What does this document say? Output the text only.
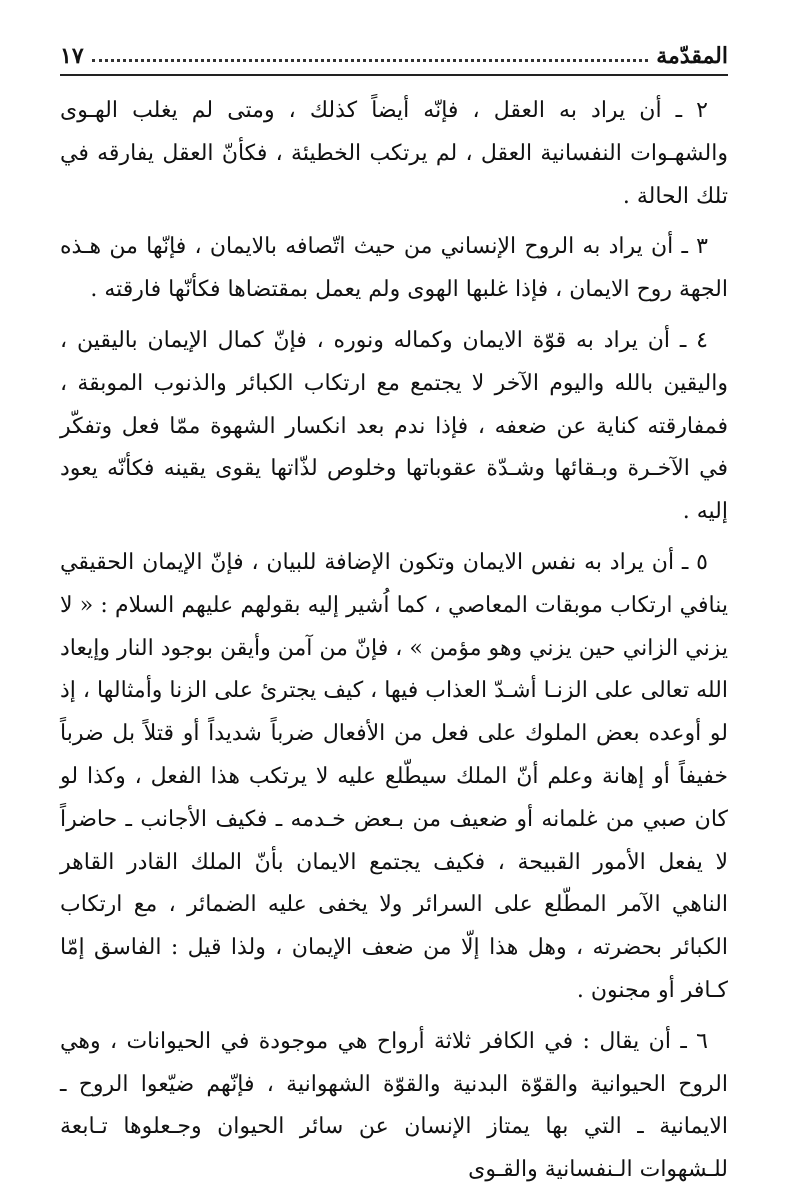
المقدّمة
١٧

٢ ـ أن يراد به العقل ، فإنّه أيضاً كذلك ، ومتى لم يغلب الهـوى والشهـوات النفسانية العقل ، لم يرتكب الخطيئة ، فكأنّ العقل يفارقه في تلك الحالة .

٣ ـ أن يراد به الروح الإنساني من حيث اتّصافه بالايمان ، فإنّها من هـذه الجهة روح الايمان ، فإذا غلبها الهوى ولم يعمل بمقتضاها فكأنّها فارقته .

٤ ـ أن يراد به قوّة الايمان وكماله ونوره ، فإنّ كمال الإيمان باليقين ، واليقين بالله واليوم الآخر لا يجتمع مع ارتكاب الكبائر والذنوب الموبقة ، فمفارقته كناية عن ضعفه ، فإذا ندم بعد انكسار الشهوة ممّا فعل وتفكّر في الآخـرة وبـقائها وشـدّة عقوباتها وخلوص لذّاتها يقوى يقينه فكأنّه يعود إليه .

٥ ـ أن يراد به نفس الايمان وتكون الإضافة للبيان ، فإنّ الإيمان الحقيقي ينافي ارتكاب موبقات المعاصي ، كما اُشير إليه بقولهم عليهم السلام : « لا يزني الزاني حين يزني وهو مؤمن » ، فإنّ من آمن وأيقن بوجود النار وإيعاد الله تعالى على الزنـا أشـدّ العذاب فيها ، كيف يجترئ على الزنا وأمثالها ، إذ لو أوعده بعض الملوك على فعل من الأفعال ضرباً شديداً أو قتلاً بل ضرباً خفيفاً أو إهانة وعلم أنّ الملك سيطّلع عليه لا يرتكب هذا الفعل ، وكذا لو كان صبي من غلمانه أو ضعيف من بـعض خـدمه ـ فكيف الأجانب ـ حاضراً لا يفعل الأمور القبيحة ، فكيف يجتمع الايمان بأنّ الملك القادر القاهر الناهي الآمر المطّلع على السرائر ولا يخفى عليه الضمائر ، مع ارتكاب الكبائر بحضرته ، وهل هذا إلّا من ضعف الإيمان ، ولذا قيل : الفاسق إمّا كـافر أو مجنون .

٦ ـ أن يقال : في الكافر ثلاثة أرواح هي موجودة في الحيوانات ، وهي الروح الحيوانية والقوّة البدنية والقوّة الشهوانية ، فإنّهم ضيّعوا الروح ـ الايمانية ـ التي بها يمتاز الإنسان عن سائر الحيوان وجـعلوها تـابعة للـشهوات الـنفسانية والقـوى
